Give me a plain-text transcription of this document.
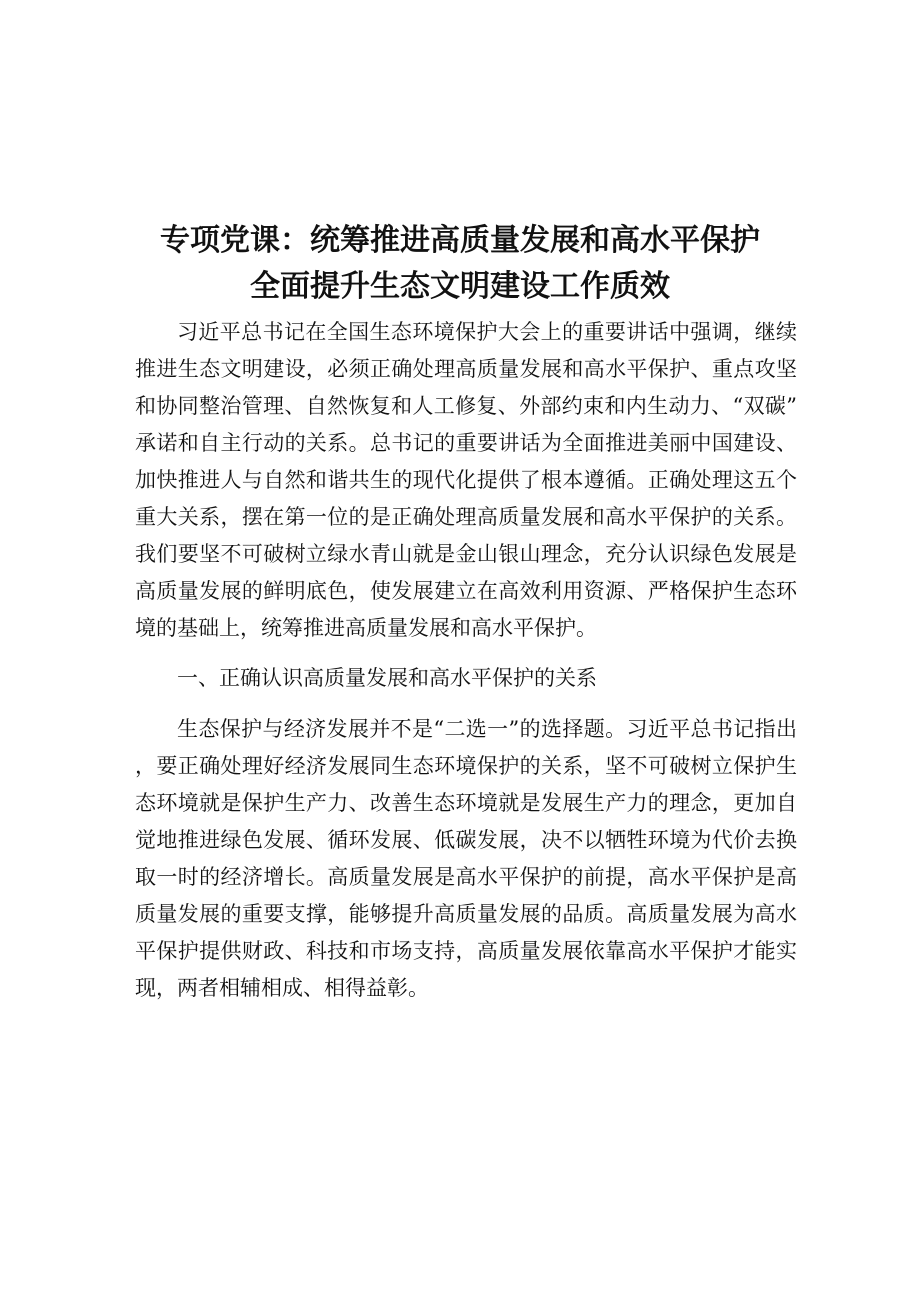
专项党课：统筹推进高质量发展和高水平保护
全面提升生态文明建设工作质效

习近平总书记在全国生态环境保护大会上的重要讲话中强调，继续推进生态文明建设，必须正确处理高质量发展和高水平保护、重点攻坚和协同整治管理、自然恢复和人工修复、外部约束和内生动力、“双碳”承诺和自主行动的关系。总书记的重要讲话为全面推进美丽中国建设、加快推进人与自然和谐共生的现代化提供了根本遵循。正确处理这五个重大关系，摆在第一位的是正确处理高质量发展和高水平保护的关系。我们要坚不可破树立绿水青山就是金山银山理念，充分认识绿色发展是高质量发展的鲜明底色，使发展建立在高效利用资源、严格保护生态环境的基础上，统筹推进高质量发展和高水平保护。

一、正确认识高质量发展和高水平保护的关系

生态保护与经济发展并不是“二选一”的选择题。习近平总书记指出，要正确处理好经济发展同生态环境保护的关系，坚不可破树立保护生态环境就是保护生产力、改善生态环境就是发展生产力的理念，更加自觉地推进绿色发展、循环发展、低碳发展，决不以牺牲环境为代价去换取一时的经济增长。高质量发展是高水平保护的前提，高水平保护是高质量发展的重要支撑，能够提升高质量发展的品质。高质量发展为高水平保护提供财政、科技和市场支持，高质量发展依靠高水平保护才能实现，两者相辅相成、相得益彰。
